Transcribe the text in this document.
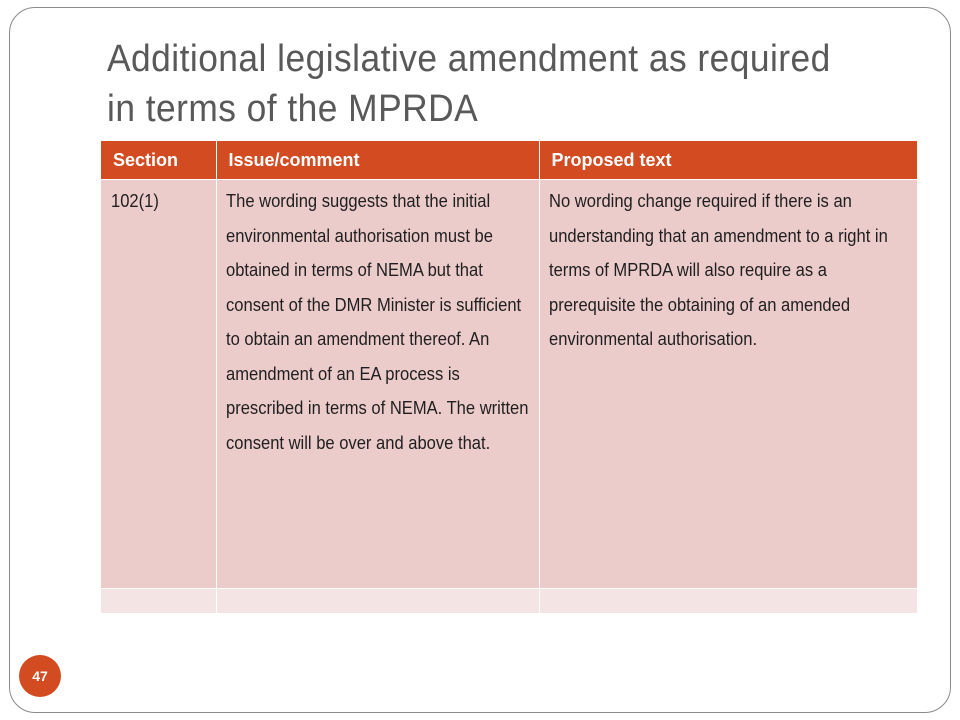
Additional legislative amendment as required in terms of the MPRDA
Section	Issue/comment	Proposed text

102(1)	The wording suggests that the initial environmental authorisation must be obtained in terms of NEMA but that consent of the DMR Minister is sufficient to obtain an amendment thereof. An amendment of an EA process is prescribed in terms of NEMA. The written consent will be over and above that.	No wording change required if there is an understanding that an amendment to a right in terms of MPRDA will also require as a prerequisite the obtaining of an amended environmental authorisation.

47
